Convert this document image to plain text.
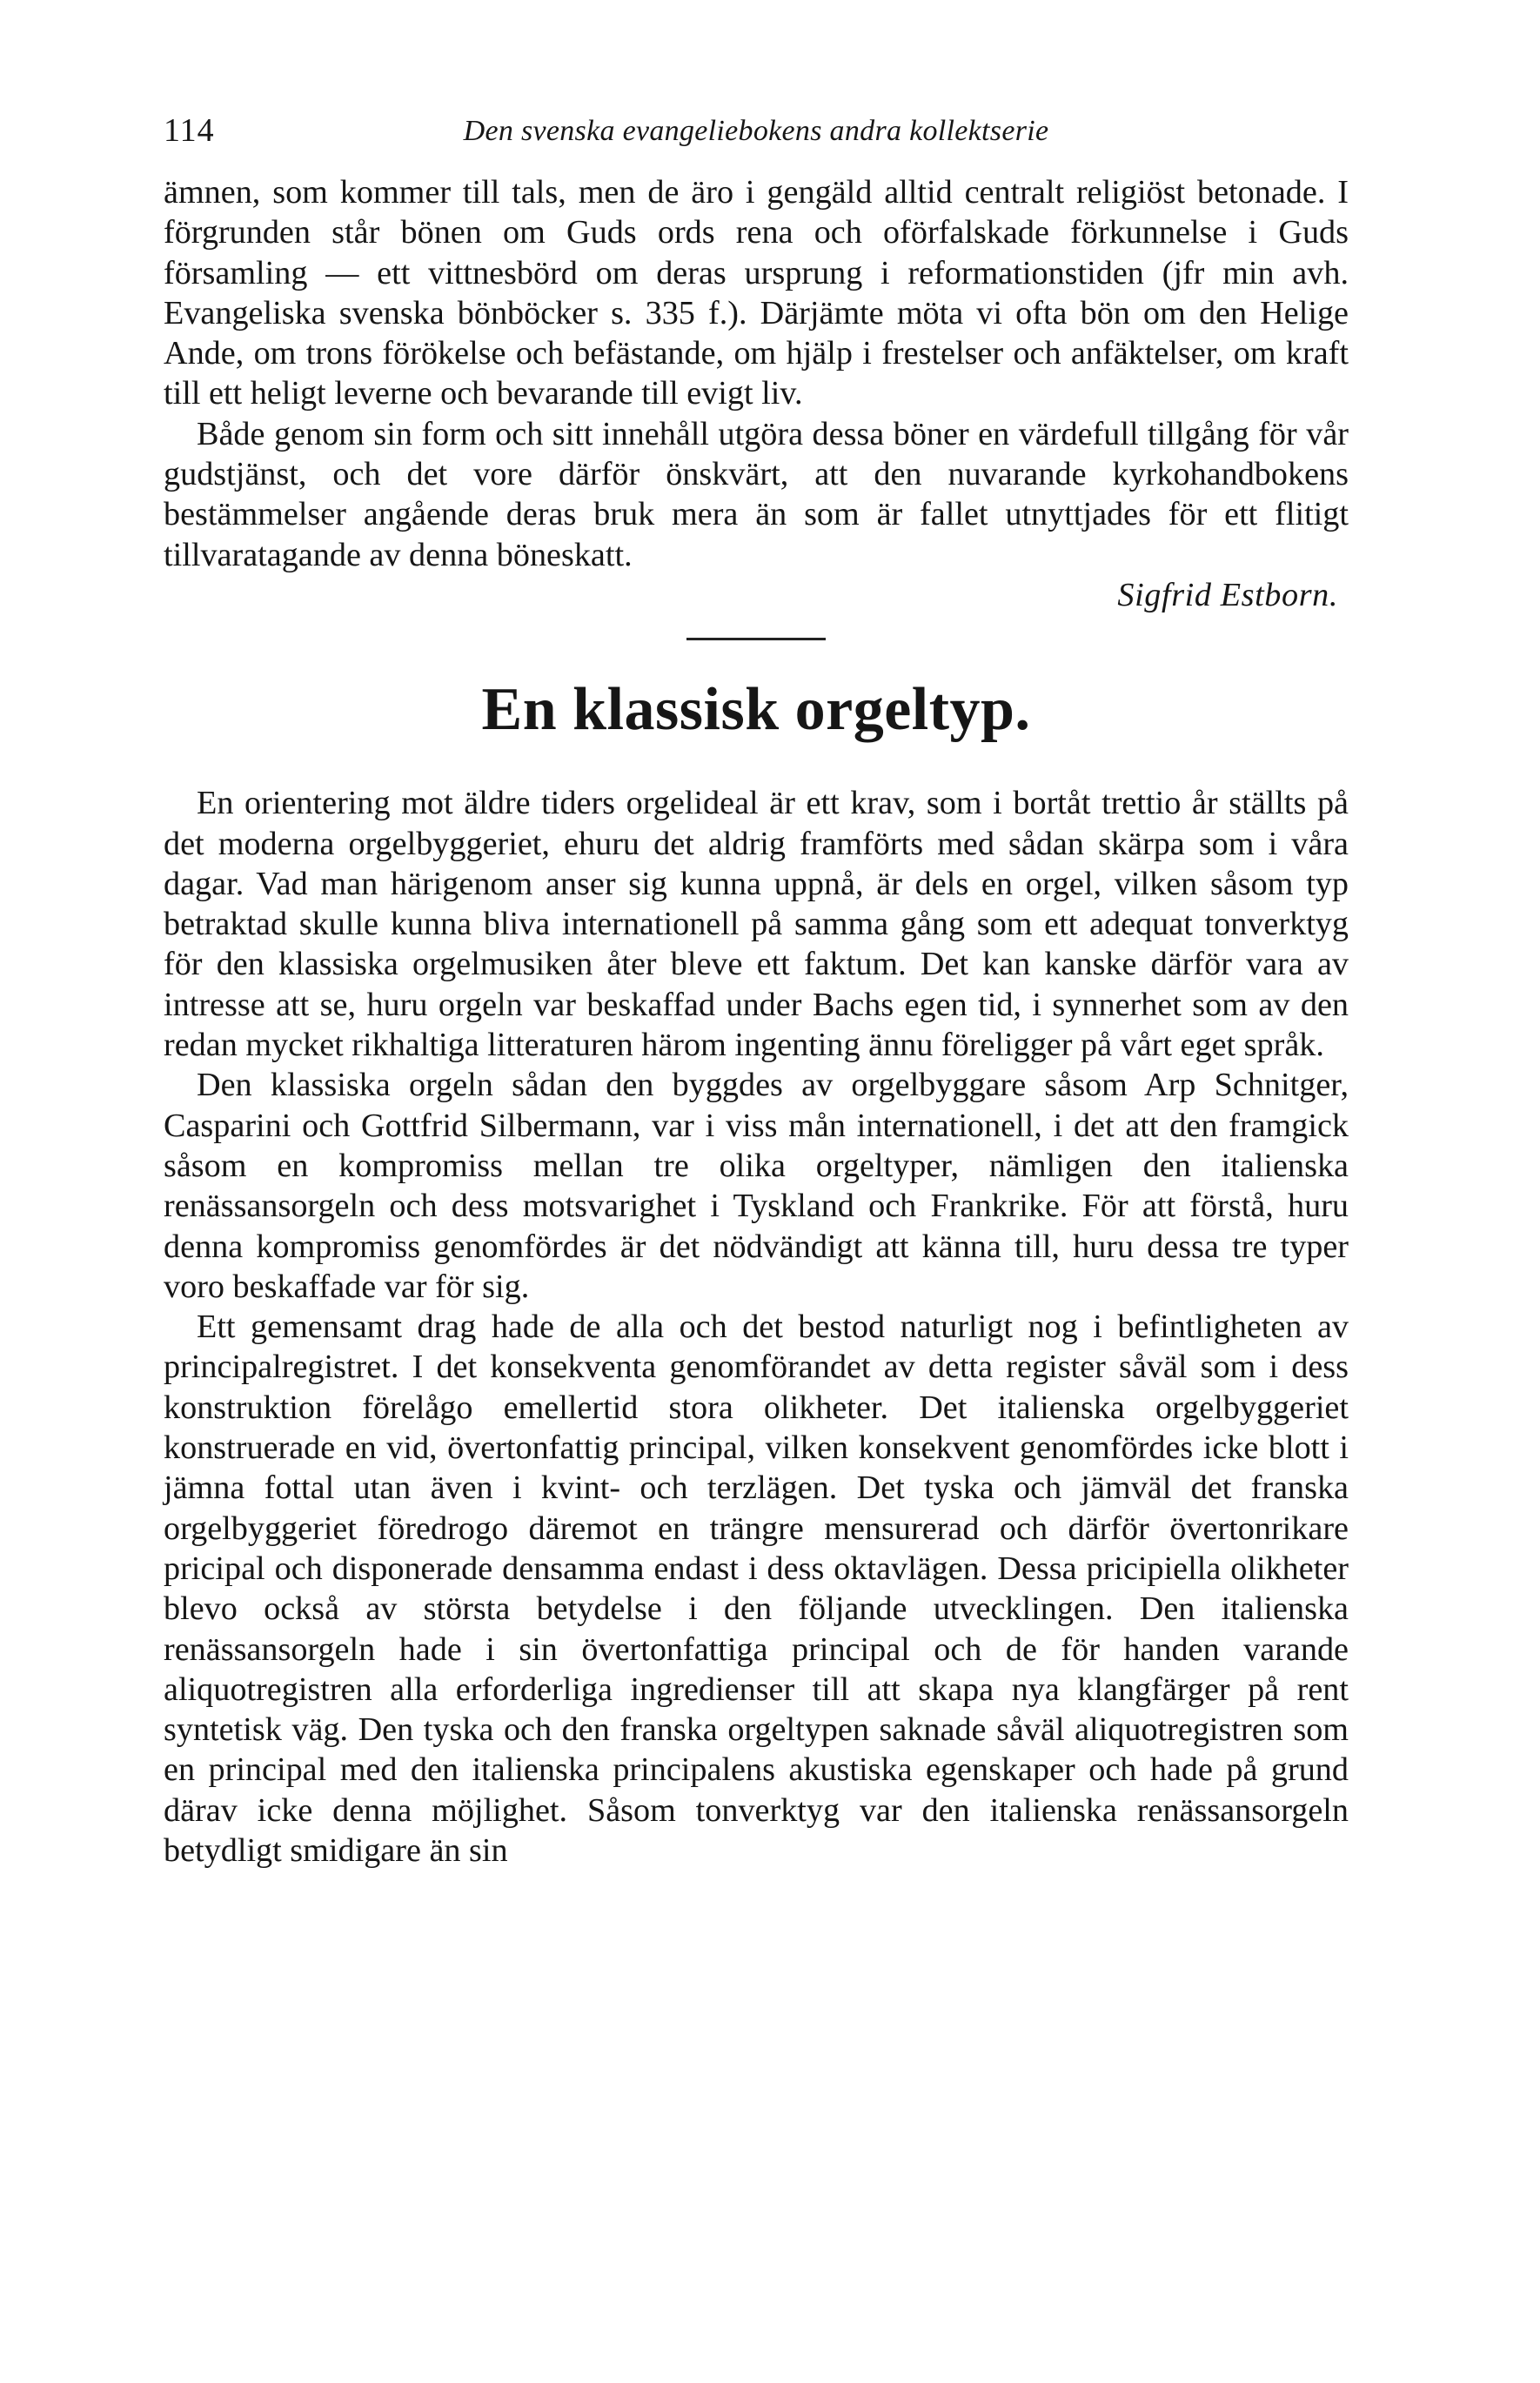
114	Den svenska evangeliebokens andra kollektserie

ämnen, som kommer till tals, men de äro i gengäld alltid centralt religiöst betonade. I förgrunden står bönen om Guds ords rena och oförfalskade förkunnelse i Guds församling — ett vittnesbörd om deras ursprung i reformationstiden (jfr min avh. Evangeliska svenska bönböcker s. 335 f.). Därjämte möta vi ofta bön om den Helige Ande, om trons förökelse och befästande, om hjälp i frestelser och anfäktelser, om kraft till ett heligt leverne och bevarande till evigt liv.

Både genom sin form och sitt innehåll utgöra dessa böner en värdefull tillgång för vår gudstjänst, och det vore därför önskvärt, att den nuvarande kyrkohandbokens bestämmelser angående deras bruk mera än som är fallet utnyttjades för ett flitigt tillvaratagande av denna böneskatt.

Sigfrid Estborn.
En klassisk orgeltyp.

En orientering mot äldre tiders orgelideal är ett krav, som i bortåt trettio år ställts på det moderna orgelbyggeriet, ehuru det aldrig framförts med sådan skärpa som i våra dagar. Vad man härigenom anser sig kunna uppnå, är dels en orgel, vilken såsom typ betraktad skulle kunna bliva internationell på samma gång som ett adequat tonverktyg för den klassiska orgelmusiken åter bleve ett faktum. Det kan kanske därför vara av intresse att se, huru orgeln var beskaffad under Bachs egen tid, i synnerhet som av den redan mycket rikhaltiga litteraturen härom ingenting ännu föreligger på vårt eget språk.

Den klassiska orgeln sådan den byggdes av orgelbyggare såsom Arp Schnitger, Casparini och Gottfrid Silbermann, var i viss mån internationell, i det att den framgick såsom en kompromiss mellan tre olika orgeltyper, nämligen den italienska renässansorgeln och dess motsvarighet i Tyskland och Frankrike. För att förstå, huru denna kompromiss genomfördes är det nödvändigt att känna till, huru dessa tre typer voro beskaffade var för sig.

Ett gemensamt drag hade de alla och det bestod naturligt nog i befintligheten av principalregistret. I det konsekventa genomförandet av detta register såväl som i dess konstruktion förelågo emellertid stora olikheter. Det italienska orgelbyggeriet konstruerade en vid, övertonfattig principal, vilken konsekvent genomfördes icke blott i jämna fottal utan även i kvint- och terzlägen. Det tyska och jämväl det franska orgelbyggeriet föredrogo däremot en trängre mensurerad och därför övertonrikare pricipal och disponerade densamma endast i dess oktavlägen. Dessa pricipiella olikheter blevo också av största betydelse i den följande utvecklingen. Den italienska renässansorgeln hade i sin övertonfattiga principal och de för handen varande aliquotregistren alla erforderliga ingredienser till att skapa nya klangfärger på rent syntetisk väg. Den tyska och den franska orgeltypen saknade såväl aliquotregistren som en principal med den italienska principalens akustiska egenskaper och hade på grund därav icke denna möjlighet. Såsom tonverktyg var den italienska renässansorgeln betydligt smidigare än sin
